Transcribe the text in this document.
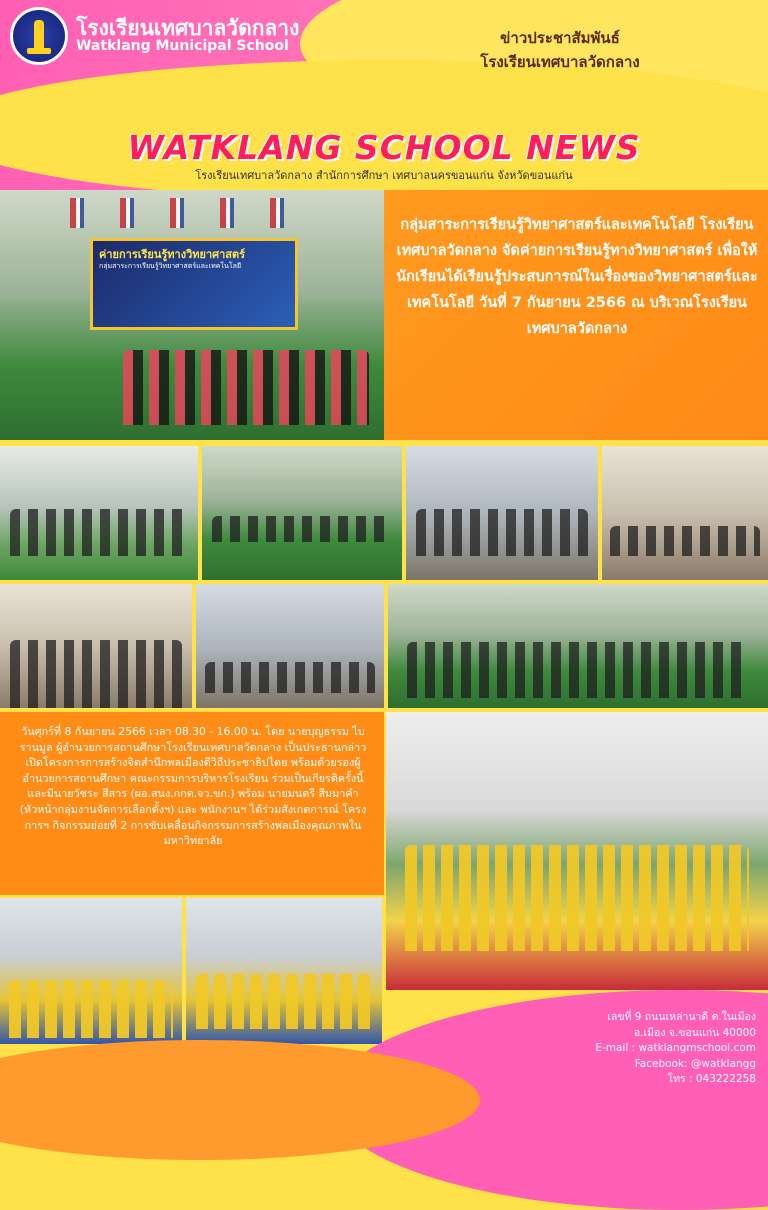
โรงเรียนเทศบาลวัดกลาง
Watklang Municipal School	ข่าวประชาสัมพันธ์
โรงเรียนเทศบาลวัดกลาง
WATKLANG SCHOOL NEWS
โรงเรียนเทศบาลวัดกลาง สำนักการศึกษา เทศบาลนครขอนแก่น จังหวัดขอนแก่น
ค่ายการเรียนรู้ทางวิทยาศาสตร์
กลุ่มสาระการเรียนรู้วิทยาศาสตร์และเทคโนโลยี
กลุ่มสาระการเรียนรู้วิทยาศาสตร์และเทคโนโลยี โรงเรียนเทศบาลวัดกลาง จัดค่ายการเรียนรู้ทางวิทยาศาสตร์ เพื่อให้นักเรียนได้เรียนรู้ประสบการณ์ในเรื่องของวิทยาศาสตร์และเทคโนโลยี วันที่ 7 กันยายน 2566 ณ บริเวณโรงเรียนเทศบาลวัดกลาง
วันศุกร์ที่ 8 กันยายน 2566 เวลา 08.30 - 16.00 น. โดย นายบุญธรรม ไบรานมูล ผู้อำนวยการสถานศึกษาโรงเรียนเทศบาลวัดกลาง เป็นประธานกล่าวเปิดโครงการการสร้างจิตสำนึกพลเมืองดีวิถีประชาธิปไตย พร้อมด้วยรองผู้อำนวยการสถานศึกษา คณะกรรมการบริหารโรงเรียน ร่วมเป็นเกียรติครั้งนี้ และมีนายวัชระ สีสาร (ผอ.สนง.กกต.จว.ขก.) พร้อม นายมนตรี สีมมาคำ (หัวหน้ากลุ่มงานจัดการเลือกตั้งฯ) และ พนักงานฯ ได้ร่วมสังเกตการณ์ โครงการฯ กิจกรรมย่อยที่ 2 การขับเคลื่อนกิจกรรมการสร้างพลเมืองคุณภาพในมหาวิทยาลัย
เลขที่ 9 ถนนเหล่านาดี ต.ในเมือง
อ.เมือง จ.ขอนแก่น 40000
E-mail : watklangmschool.com
Facebook: @watklangg
โทร : 043222258
